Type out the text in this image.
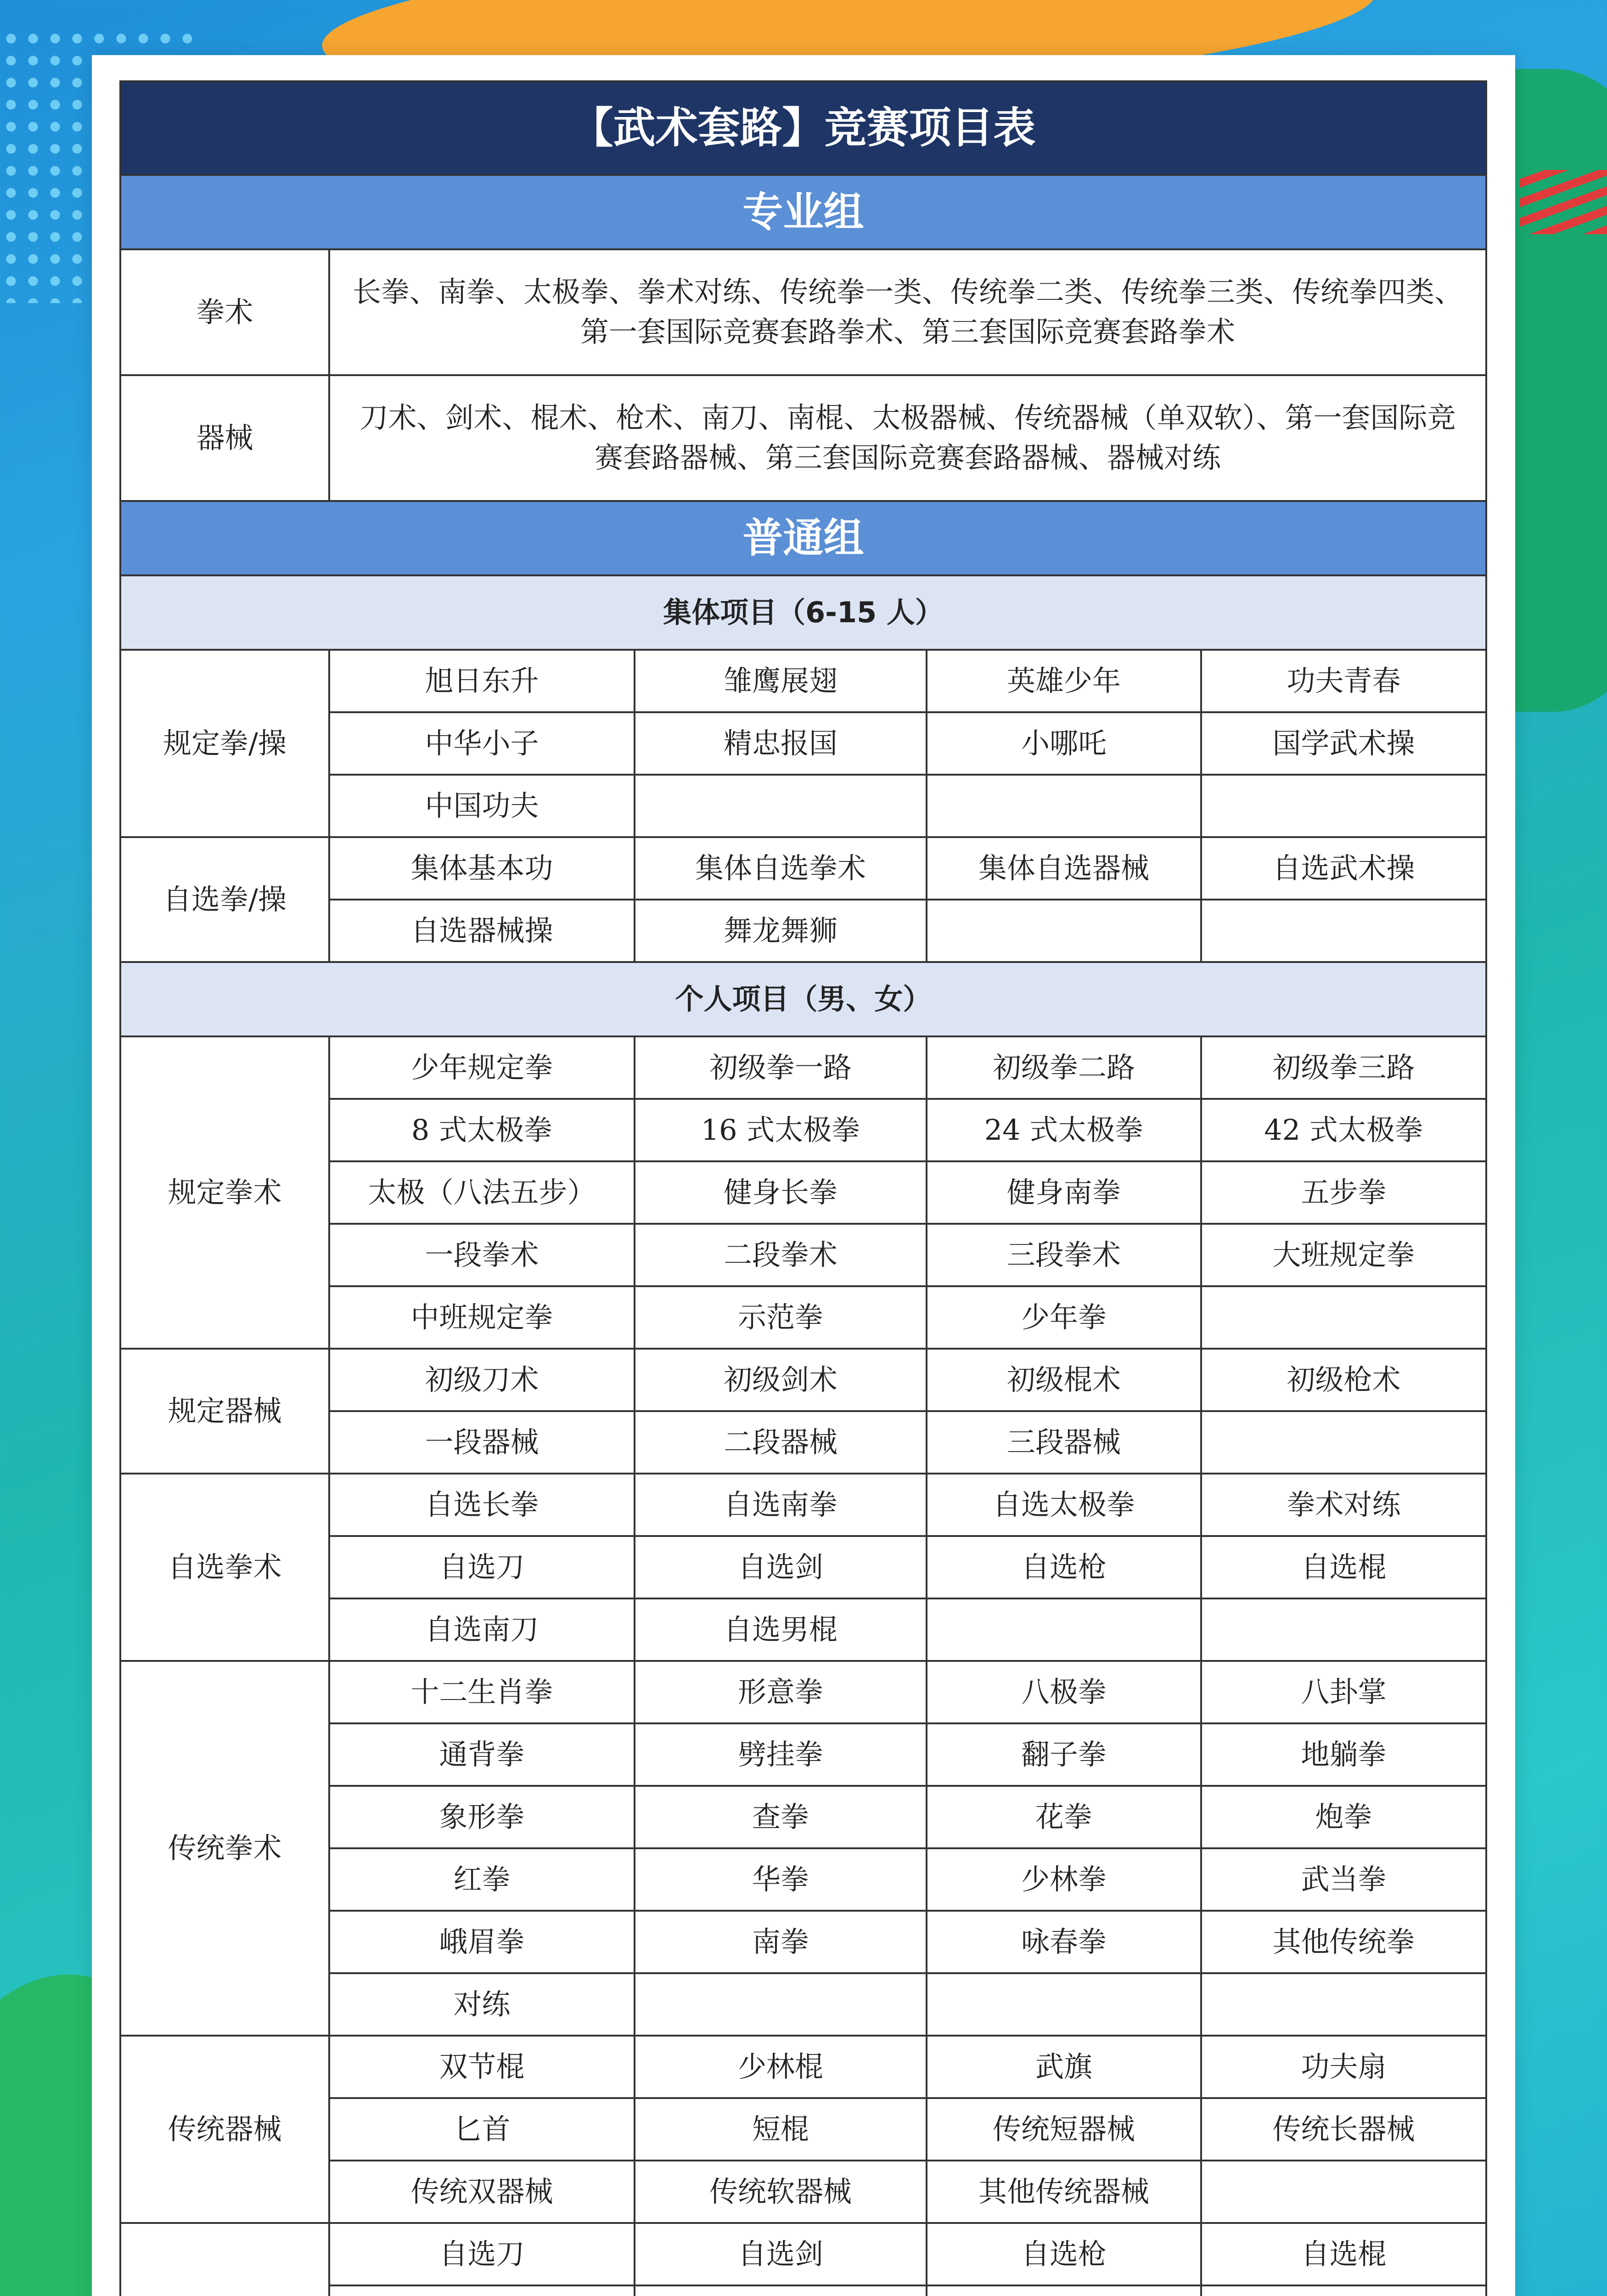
【武术套路】竞赛项目表				
专业组				
拳术	长拳、南拳、太极拳、拳术对练、传统拳一类、传统拳二类、传统拳三类、传统拳四类、第一套国际竞赛套路拳术、第三套国际竞赛套路拳术			
器械	刀术、剑术、棍术、枪术、南刀、南棍、太极器械、传统器械（单双软）、第一套国际竞赛套路器械、第三套国际竞赛套路器械、器械对练			
普通组				
集体项目（6-15 人）				
规定拳/操	旭日东升	雏鹰展翅	英雄少年	功夫青春
	中华小子	精忠报国	小哪吒	国学武术操
	中国功夫			
自选拳/操	集体基本功	集体自选拳术	集体自选器械	自选武术操
	自选器械操	舞龙舞狮		
个人项目（男、女）				
规定拳术	少年规定拳	初级拳一路	初级拳二路	初级拳三路
	8 式太极拳	16 式太极拳	24 式太极拳	42 式太极拳
	太极（八法五步）	健身长拳	健身南拳	五步拳
	一段拳术	二段拳术	三段拳术	大班规定拳
	中班规定拳	示范拳	少年拳	
规定器械	初级刀术	初级剑术	初级棍术	初级枪术
	一段器械	二段器械	三段器械	
自选拳术	自选长拳	自选南拳	自选太极拳	拳术对练
	自选刀	自选剑	自选枪	自选棍
	自选南刀	自选男棍		
传统拳术	十二生肖拳	形意拳	八极拳	八卦掌
	通背拳	劈挂拳	翻子拳	地躺拳
	象形拳	查拳	花拳	炮拳
	红拳	华拳	少林拳	武当拳
	峨眉拳	南拳	咏春拳	其他传统拳
	对练			
传统器械	双节棍	少林棍	武旗	功夫扇
	匕首	短棍	传统短器械	传统长器械
	传统双器械	传统软器械	其他传统器械	
	自选刀	自选剑	自选枪	自选棍
